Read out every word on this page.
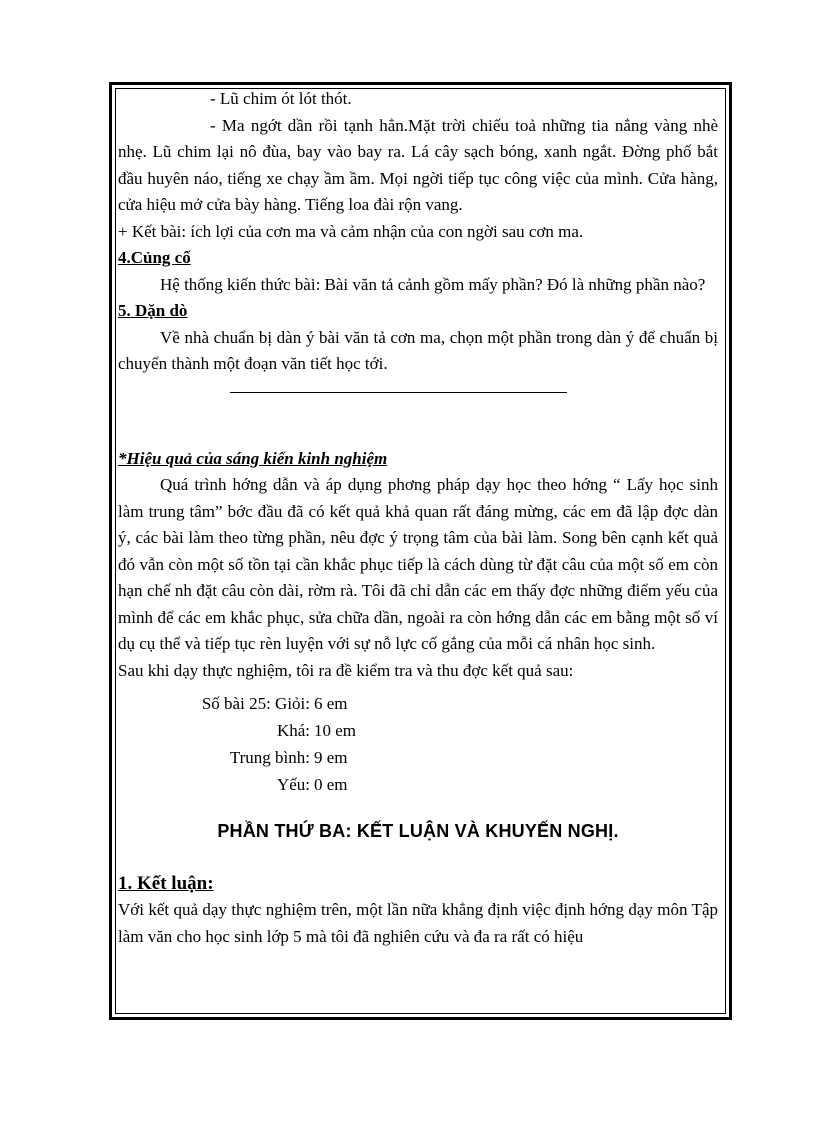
- Lũ chim ót lót thót.

- Ma ngớt dần rồi tạnh hẳn.Mặt trời chiếu toả những tia nắng vàng nhè nhẹ. Lũ chim lại nô đùa, bay vào bay ra. Lá cây sạch bóng, xanh ngắt. Đờng phố bắt đầu huyên náo, tiếng xe chạy ầm ầm. Mọi ngời tiếp tục công việc của mình. Cửa hàng, cửa hiệu mở cửa bày hàng. Tiếng loa đài rộn vang.

+ Kết bài: ích lợi của cơn ma và cảm nhận của con ngời sau cơn ma.

4.Củng cố

Hệ thống kiến thức bài: Bài văn tả cảnh gồm mấy phần? Đó là những phần nào?

5. Dặn dò

Về nhà chuẩn bị dàn ý bài văn tả cơn ma, chọn một phần trong dàn ý để chuẩn bị chuyển thành một đoạn văn tiết học tới.

*Hiệu quả của sáng kiến kinh nghiệm

Quá trình hớng dẫn và áp dụng phơng pháp dạy học theo hớng “ Lấy học sinh làm trung tâm” bớc đầu đã có kết quả khả quan rất đáng mừng, các em đã lập đợc dàn ý, các bài làm theo từng phần, nêu đợc ý trọng tâm của bài làm. Song bên cạnh kết quả đó vẫn còn một số tồn tại cần khắc phục tiếp là cách dùng từ đặt câu của một số em còn hạn chế nh đặt câu còn dài, rờm rà. Tôi đã chỉ dẫn các em thấy đợc những điểm yếu của mình để các em khắc phục, sửa chữa dần, ngoài ra còn hớng dẫn các em bằng một số ví dụ cụ thể và tiếp tục rèn luyện với sự nỗ lực cố gắng của mỗi cá nhân học sinh.

Sau khi dạy thực nghiệm, tôi ra đề kiểm tra và thu đợc kết quả sau:

Số bài 25: Giỏi: 6 em
Khá: 10 em
Trung bình: 9 em
Yếu: 0 em

PHẦN THỨ BA: KẾT LUẬN VÀ KHUYẾN NGHỊ.

1. Kết luận:

Với kết quả dạy thực nghiệm trên, một lần nữa khẳng định việc định hớng dạy môn Tập làm văn cho học sinh lớp 5 mà tôi đã nghiên cứu và đa ra rất có hiệu
